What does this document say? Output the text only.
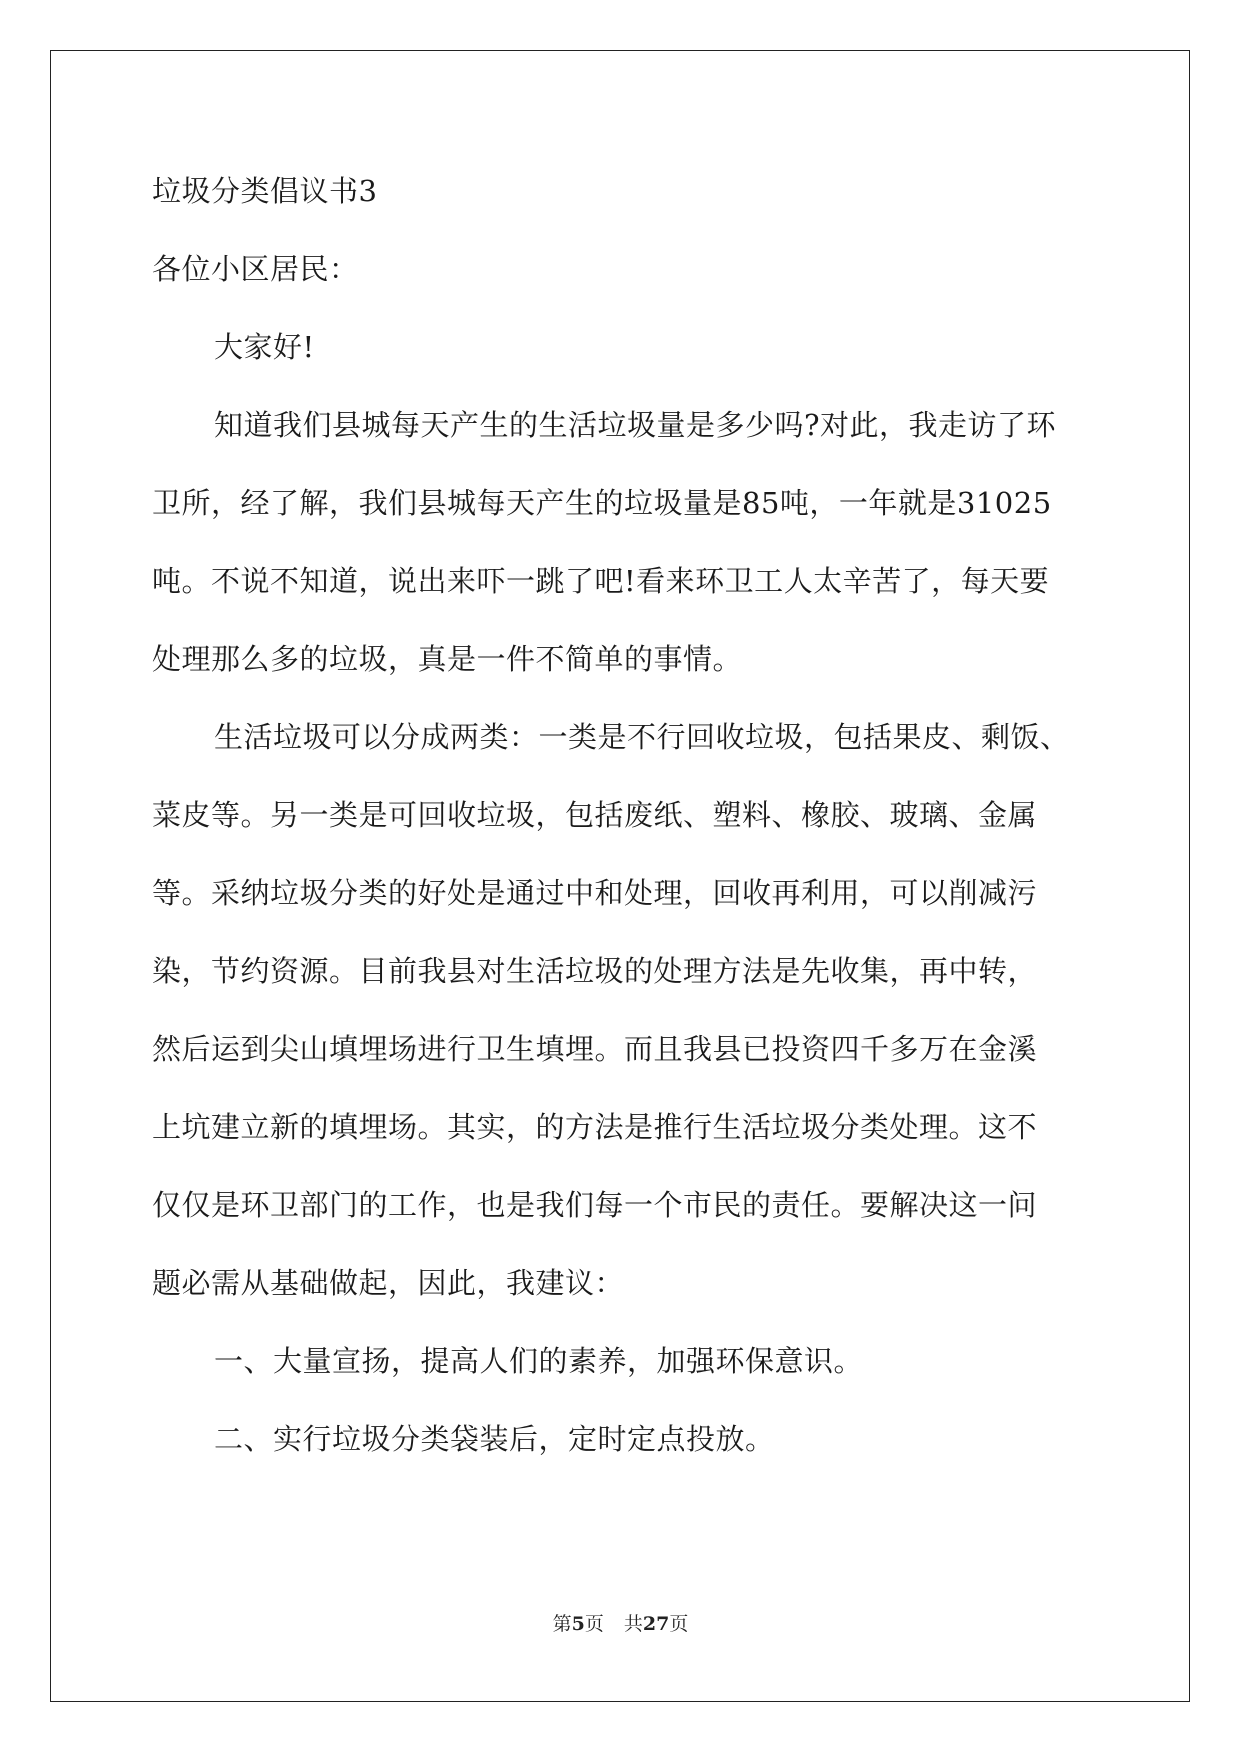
垃圾分类倡议书3
各位小区居民：
大家好!
知道我们县城每天产生的生活垃圾量是多少吗?对此，我走访了环
卫所，经了解，我们县城每天产生的垃圾量是85吨，一年就是31025
吨。不说不知道，说出来吓一跳了吧!看来环卫工人太辛苦了，每天要
处理那么多的垃圾，真是一件不简单的事情。
生活垃圾可以分成两类：一类是不行回收垃圾，包括果皮、剩饭、
菜皮等。另一类是可回收垃圾，包括废纸、塑料、橡胶、玻璃、金属
等。采纳垃圾分类的好处是通过中和处理，回收再利用，可以削减污
染，节约资源。目前我县对生活垃圾的处理方法是先收集，再中转，
然后运到尖山填埋场进行卫生填埋。而且我县已投资四千多万在金溪
上坑建立新的填埋场。其实，的方法是推行生活垃圾分类处理。这不
仅仅是环卫部门的工作，也是我们每一个市民的责任。要解决这一问
题必需从基础做起，因此，我建议：
一、大量宣扬，提高人们的素养，加强环保意识。
二、实行垃圾分类袋装后，定时定点投放。
第5页 共27页
